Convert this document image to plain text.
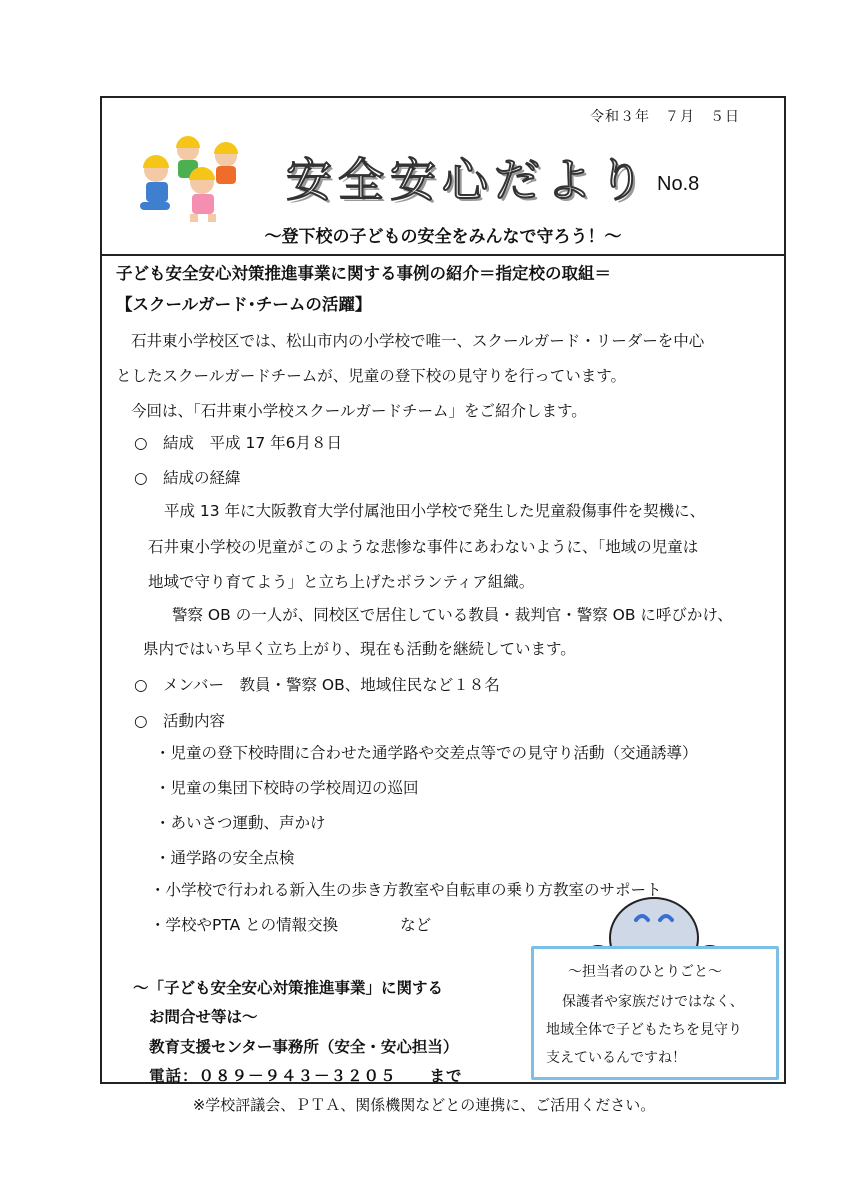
令和３年　７月　５日
安全安心だより No.8
～登下校の子どもの安全をみんなで守ろう！～
子ども安全安心対策推進事業に関する事例の紹介＝指定校の取組＝
【スクールガード･チームの活躍】
石井東小学校区では、松山市内の小学校で唯一、スクールガード・リーダーを中心
としたスクールガードチームが、児童の登下校の見守りを行っています。
今回は、「石井東小学校スクールガードチーム」をご紹介します。
○　結成　平成 17 年6月８日
○　結成の経緯
平成 13 年に大阪教育大学付属池田小学校で発生した児童殺傷事件を契機に、
石井東小学校の児童がこのような悲惨な事件にあわないように、「地域の児童は
地域で守り育てよう」と立ち上げたボランティア組織。
警察 OB の一人が、同校区で居住している教員・裁判官・警察 OB に呼びかけ、
県内ではいち早く立ち上がり、現在も活動を継続しています。
○　メンバー　教員・警察 OB、地域住民など１８名
○　活動内容
・児童の登下校時間に合わせた通学路や交差点等での見守り活動（交通誘導）
・児童の集団下校時の学校周辺の巡回
・あいさつ運動、声かけ
・通学路の安全点検
・小学校で行われる新入生の歩き方教室や自転車の乗り方教室のサポート
・学校やPTA との情報交換　　　　など
～「子ども安全安心対策推進事業」に関する
お問合せ等は～
教育支援センター事務所（安全・安心担当）
電話：０８９－９４３－３２０５　　まで
～担当者のひとりごと～
保護者や家族だけではなく、
地域全体で子どもたちを見守り
支えているんですね！
※学校評議会、ＰＴＡ、関係機関などとの連携に、ご活用ください。
